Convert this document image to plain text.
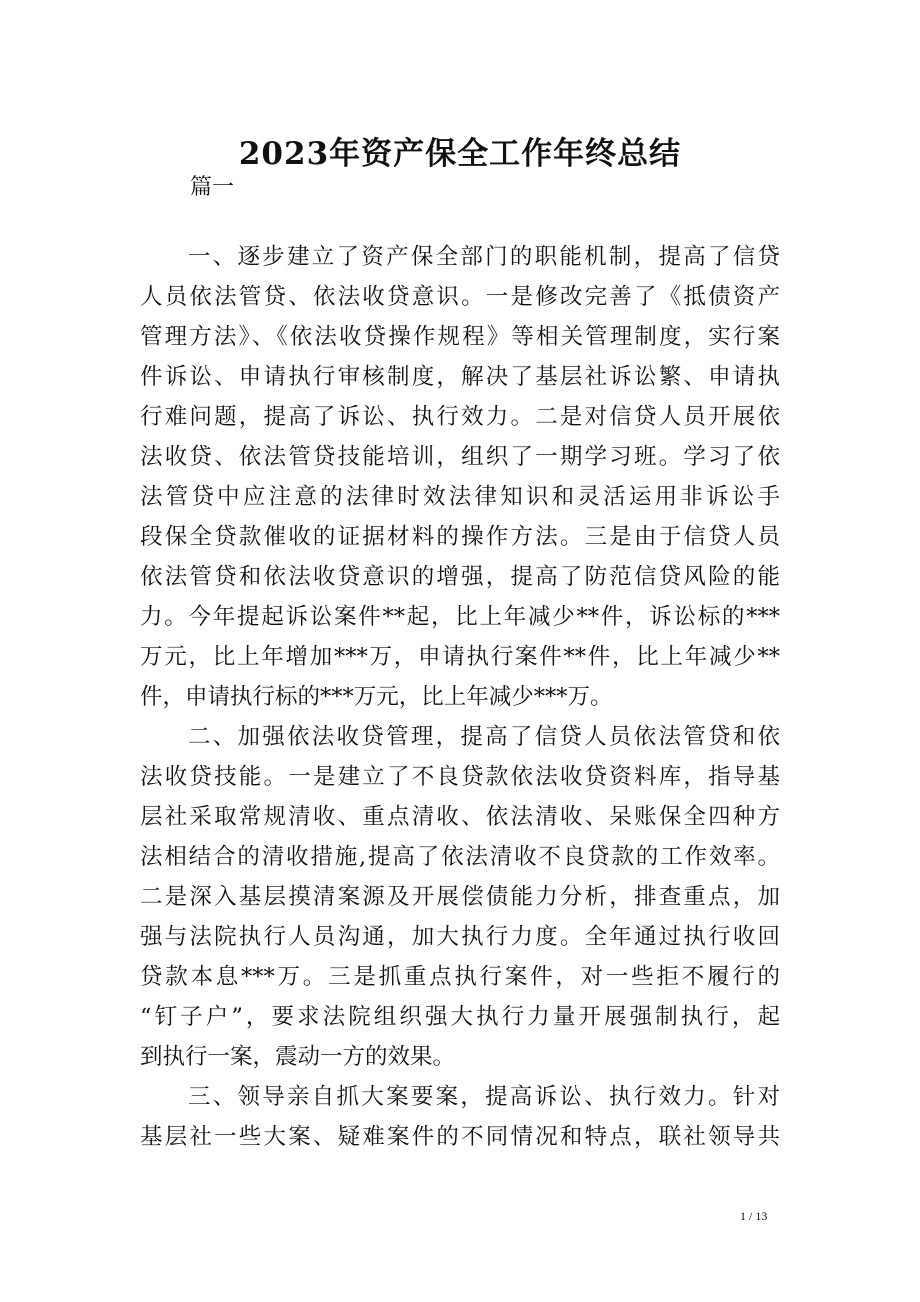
2023年资产保全工作年终总结
篇一
一、逐步建立了资产保全部门的职能机制，提高了信贷
人员依法管贷、依法收贷意识。一是修改完善了《抵债资产
管理方法》、《依法收贷操作规程》等相关管理制度，实行案
件诉讼、申请执行审核制度，解决了基层社诉讼繁、申请执
行难问题，提高了诉讼、执行效力。二是对信贷人员开展依
法收贷、依法管贷技能培训，组织了一期学习班。学习了依
法管贷中应注意的法律时效法律知识和灵活运用非诉讼手
段保全贷款催收的证据材料的操作方法。三是由于信贷人员
依法管贷和依法收贷意识的增强，提高了防范信贷风险的能
力。今年提起诉讼案件**起，比上年减少**件，诉讼标的***
万元，比上年增加***万，申请执行案件**件，比上年减少**
件，申请执行标的***万元，比上年减少***万。
二、加强依法收贷管理，提高了信贷人员依法管贷和依
法收贷技能。一是建立了不良贷款依法收贷资料库，指导基
层社采取常规清收、重点清收、依法清收、呆账保全四种方
法相结合的清收措施,提高了依法清收不良贷款的工作效率。
二是深入基层摸清案源及开展偿债能力分析，排查重点，加
强与法院执行人员沟通，加大执行力度。全年通过执行收回
贷款本息***万。三是抓重点执行案件，对一些拒不履行的
“钉子户”，要求法院组织强大执行力量开展强制执行，起
到执行一案，震动一方的效果。
三、领导亲自抓大案要案，提高诉讼、执行效力。针对
基层社一些大案、疑难案件的不同情况和特点，联社领导共
1 / 13
